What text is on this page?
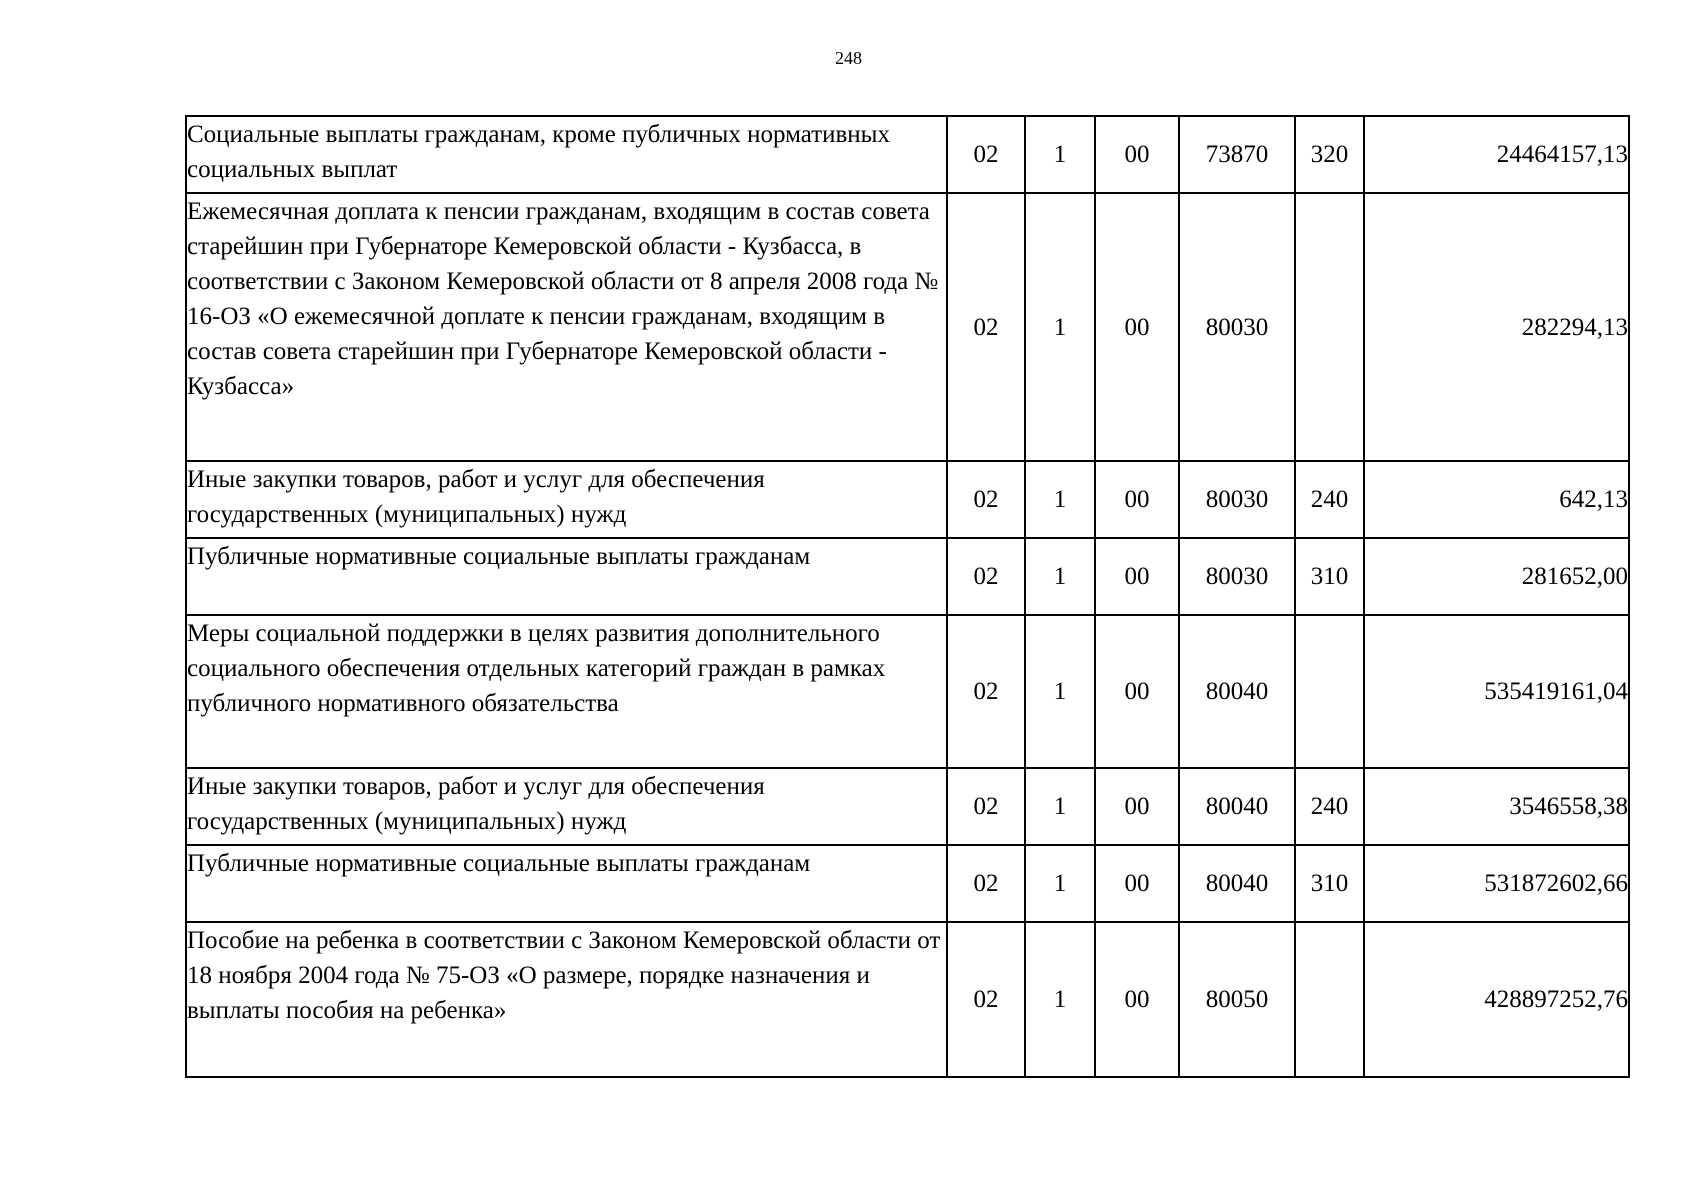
248
Социальные выплаты гражданам, кроме публичных нормативных социальных выплат	02	1	00	73870	320	24464157,13
Ежемесячная доплата к пенсии гражданам, входящим в состав совета старейшин при Губернаторе Кемеровской области - Кузбасса, в соответствии с Законом Кемеровской области от 8 апреля 2008 года № 16-ОЗ «О ежемесячной доплате к пенсии гражданам, входящим в состав совета старейшин при Губернаторе Кемеровской области - Кузбасса»	02	1	00	80030		282294,13
Иные закупки товаров, работ и услуг для обеспечения государственных (муниципальных) нужд	02	1	00	80030	240	642,13
Публичные нормативные социальные выплаты гражданам	02	1	00	80030	310	281652,00
Меры социальной поддержки в целях развития дополнительного социального обеспечения отдельных категорий граждан в рамках публичного нормативного обязательства	02	1	00	80040		535419161,04
Иные закупки товаров, работ и услуг для обеспечения государственных (муниципальных) нужд	02	1	00	80040	240	3546558,38
Публичные нормативные социальные выплаты гражданам	02	1	00	80040	310	531872602,66
Пособие на ребенка в соответствии с Законом Кемеровской области от 18 ноября 2004 года № 75-ОЗ «О размере, порядке назначения и выплаты пособия на ребенка»	02	1	00	80050		428897252,76
